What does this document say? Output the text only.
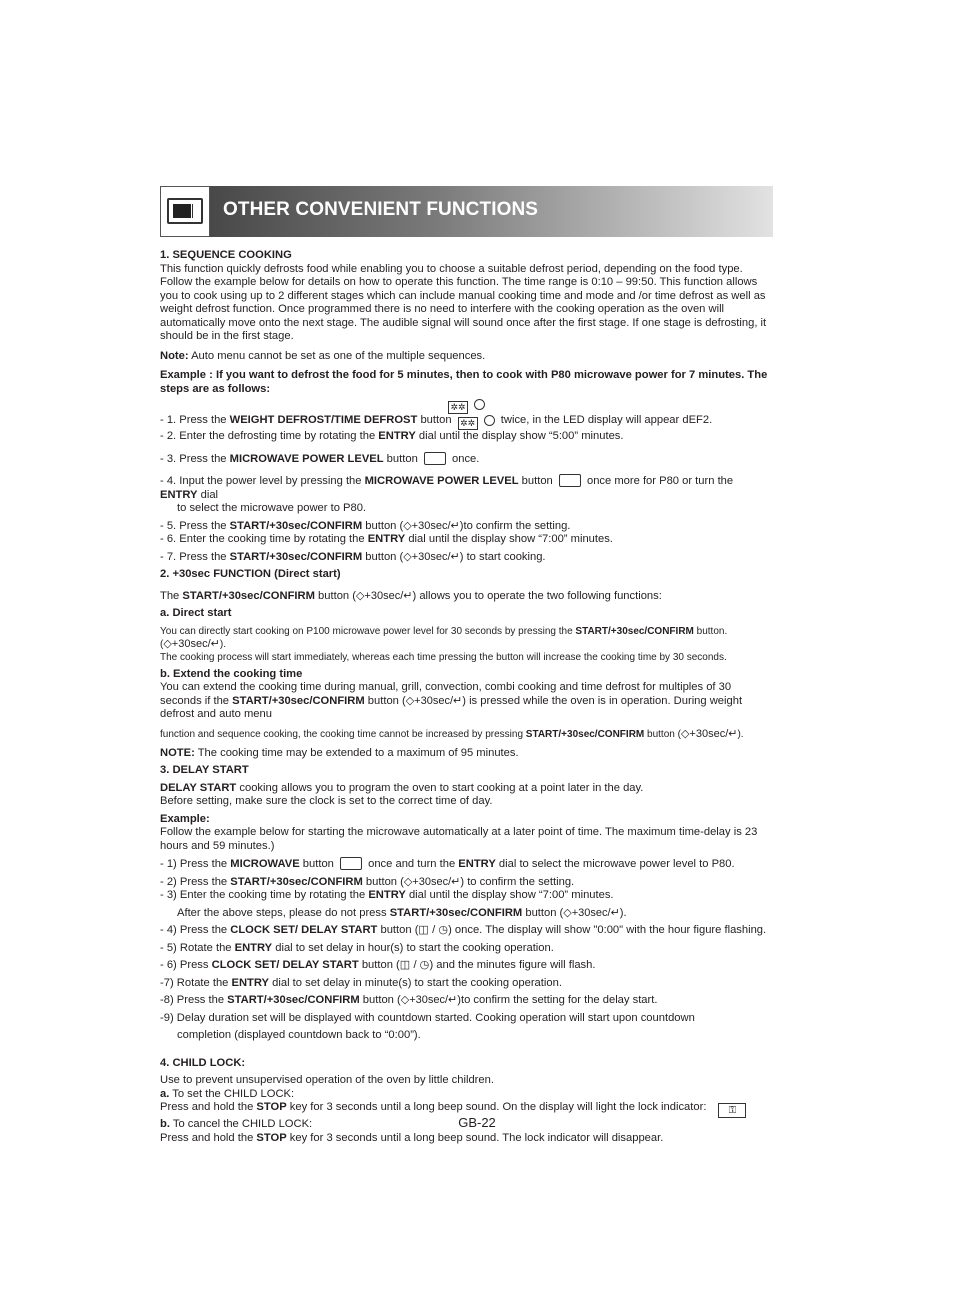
OTHER CONVENIENT FUNCTIONS

1. SEQUENCE COOKING

This function quickly defrosts food while enabling you to choose a suitable defrost period, depending on the food type. Follow the example below for details on how to operate this function. The time range is 0:10 – 99:50. This function allows you to cook using up to 2 different stages which can include manual cooking time and mode and /or time defrost as well as weight defrost function. Once programmed there is no need to interfere with the cooking operation as the oven will automatically move onto the next stage. The audible signal will sound once after the first stage. If one stage is defrosting, it should be in the first stage.

Note: Auto menu cannot be set as one of the multiple sequences.

Example : If you want to defrost the food for 5 minutes, then to cook with P80 microwave power for 7 minutes. The steps are as follows:

✲✲

- 1. Press the WEIGHT DEFROST/TIME DEFROST button ✲✲ twice, in the LED display will appear dEF2.

- 2. Enter the defrosting time by rotating the ENTRY dial until the display show “5:00” minutes.

- 3. Press the MICROWAVE POWER LEVEL button	once.

- 4. Input the power level by pressing the MICROWAVE POWER LEVEL button	once more for P80 or turn the ENTRY dial

to select the microwave power to P80.

- 5. Press the START/+30sec/CONFIRM button (◇+30sec/↵)to confirm the setting.

- 6. Enter the cooking time by rotating the ENTRY dial until the display show “7:00” minutes.

- 7. Press the START/+30sec/CONFIRM button (◇+30sec/↵) to start cooking.

2. +30sec FUNCTION (Direct start)

The START/+30sec/CONFIRM button (◇+30sec/↵) allows you to operate the two following functions:

a. Direct start

You can directly start cooking on P100 microwave power level for 30 seconds by pressing the START/+30sec/CONFIRM button. (◇+30sec/↵).

The cooking process will start immediately, whereas each time pressing the button will increase the cooking time by 30 seconds.

b. Extend the cooking time

You can extend the cooking time during manual, grill, convection, combi cooking and time defrost for multiples of 30 seconds if the START/+30sec/CONFIRM button (◇+30sec/↵) is pressed while the oven is in operation. During weight defrost and auto menu

function and sequence cooking, the cooking time cannot be increased by pressing START/+30sec/CONFIRM button (◇+30sec/↵).

NOTE: The cooking time may be extended to a maximum of 95 minutes.

3. DELAY START

DELAY START cooking allows you to program the oven to start cooking at a point later in the day.

Before setting, make sure the clock is set to the correct time of day.

Example:

Follow the example below for starting the microwave automatically at a later point of time. The maximum time-delay is 23 hours and 59 minutes.)

- 1) Press the MICROWAVE button	once and turn the ENTRY dial to select the microwave power level to P80.

- 2) Press the START/+30sec/CONFIRM button (◇+30sec/↵) to confirm the setting.

- 3) Enter the cooking time by rotating the ENTRY dial until the display show “7:00” minutes.

After the above steps, please do not press START/+30sec/CONFIRM button (◇+30sec/↵).

- 4) Press the CLOCK SET/ DELAY START button (◫ / ◷) once. The display will show "0:00" with the hour figure flashing.

- 5) Rotate the ENTRY dial to set delay in hour(s) to start the cooking operation.

- 6) Press CLOCK SET/ DELAY START button (◫ / ◷) and the minutes figure will flash.

-7) Rotate the ENTRY dial to set delay in minute(s) to start the cooking operation.

-8) Press the START/+30sec/CONFIRM button (◇+30sec/↵)to confirm the setting for the delay start.

-9) Delay duration set will be displayed with countdown started. Cooking operation will start upon countdown

completion (displayed countdown back to “0:00”).

4. CHILD LOCK:

Use to prevent unsupervised operation of the oven by little children.

a. To set the CHILD LOCK:

Press and hold the STOP key for 3 seconds until a long beep sound. On the display will light the lock indicator: ⚿

b. To cancel the CHILD LOCK:

Press and hold the STOP key for 3 seconds until a long beep sound. The lock indicator will disappear.

GB-22
